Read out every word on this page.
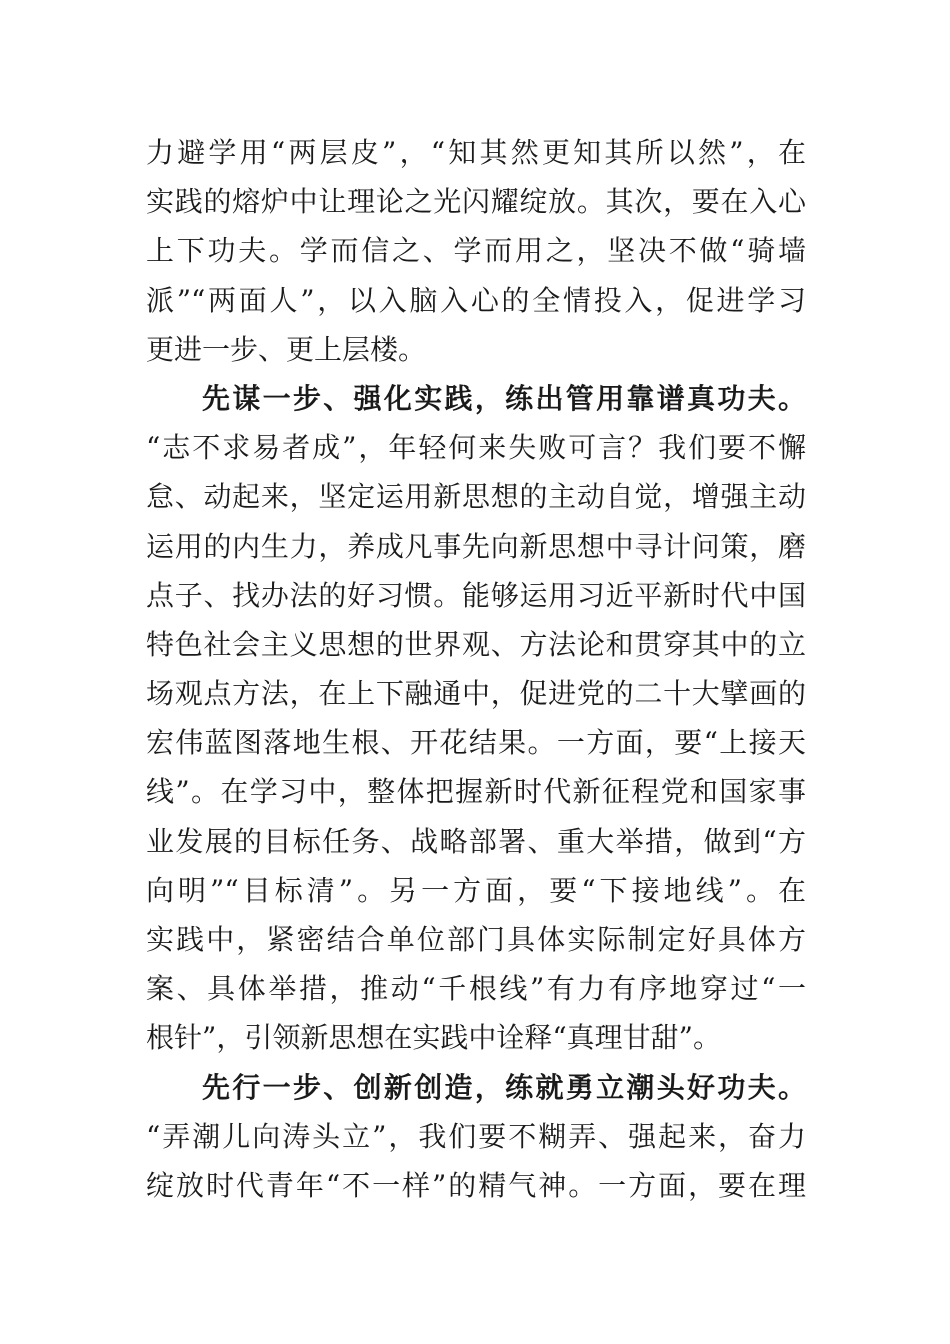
力避学用“两层皮”，“知其然更知其所以然”，在
实践的熔炉中让理论之光闪耀绽放。其次，要在入心
上下功夫。学而信之、学而用之，坚决不做“骑墙
派”“两面人”，以入脑入心的全情投入，促进学习
更进一步、更上层楼。
先谋一步、强化实践，练出管用靠谱真功夫。
“志不求易者成”，年轻何来失败可言？我们要不懈
怠、动起来，坚定运用新思想的主动自觉，增强主动
运用的内生力，养成凡事先向新思想中寻计问策，磨
点子、找办法的好习惯。能够运用习近平新时代中国
特色社会主义思想的世界观、方法论和贯穿其中的立
场观点方法，在上下融通中，促进党的二十大擘画的
宏伟蓝图落地生根、开花结果。一方面，要“上接天
线”。在学习中，整体把握新时代新征程党和国家事
业发展的目标任务、战略部署、重大举措，做到“方
向明”“目标清”。另一方面，要“下接地线”。在
实践中，紧密结合单位部门具体实际制定好具体方
案、具体举措，推动“千根线”有力有序地穿过“一
根针”，引领新思想在实践中诠释“真理甘甜”。
先行一步、创新创造，练就勇立潮头好功夫。
“弄潮儿向涛头立”，我们要不糊弄、强起来，奋力
绽放时代青年“不一样”的精气神。一方面，要在理
